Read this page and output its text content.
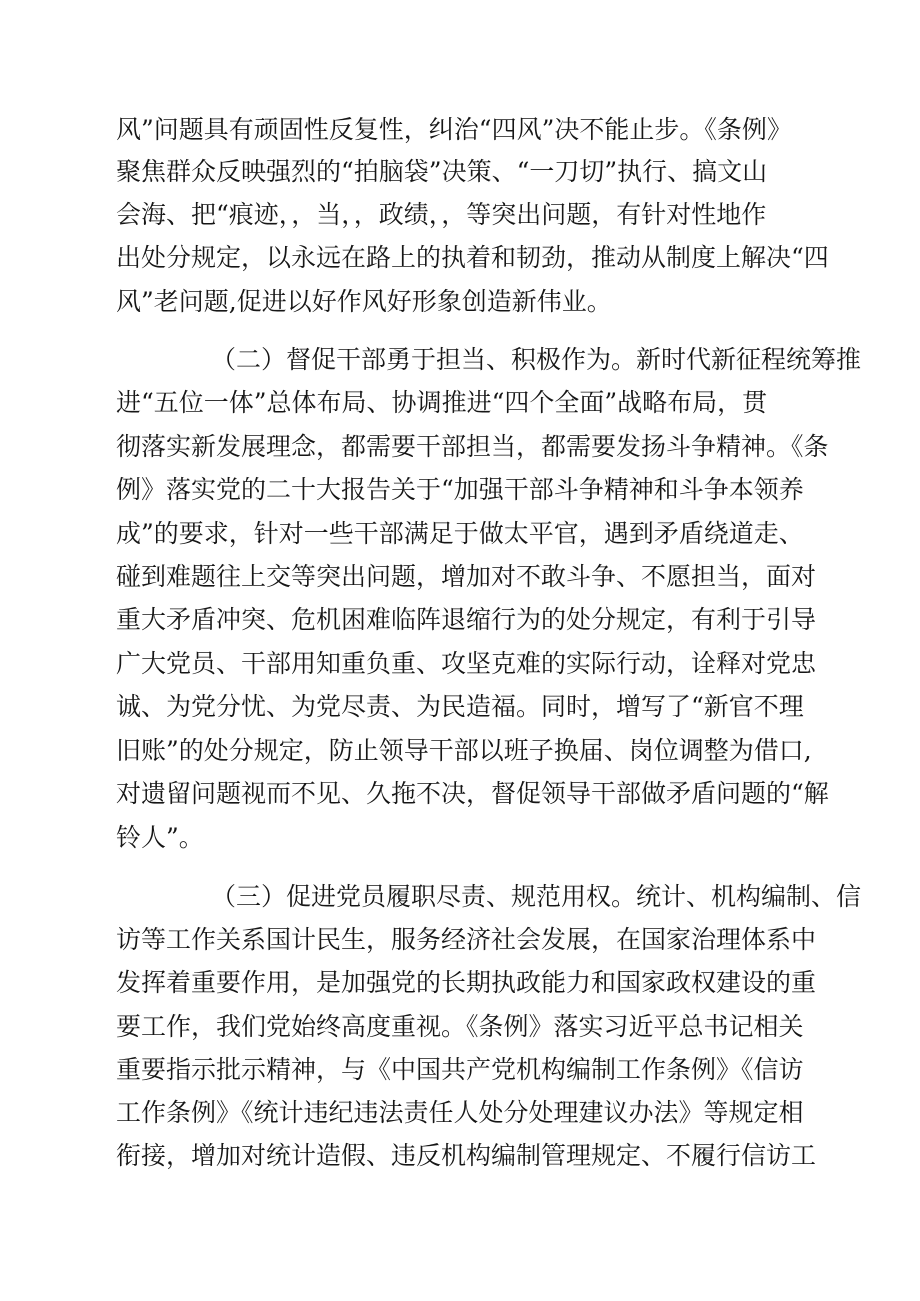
风”问题具有顽固性反复性，纠治“四风”决不能止步。《条例》

聚焦群众反映强烈的“拍脑袋”决策、“一刀切”执行、搞文山

会海、把“痕迹，，当，，政绩，，等突出问题，有针对性地作

出处分规定，以永远在路上的执着和韧劲，推动从制度上解决“四

风”老问题,促进以好作风好形象创造新伟业。

（二）督促干部勇于担当、积极作为。新时代新征程统筹推

进“五位一体”总体布局、协调推进“四个全面”战略布局，贯

彻落实新发展理念，都需要干部担当，都需要发扬斗争精神。《条

例》落实党的二十大报告关于“加强干部斗争精神和斗争本领养

成”的要求，针对一些干部满足于做太平官，遇到矛盾绕道走、

碰到难题往上交等突出问题，增加对不敢斗争、不愿担当，面对

重大矛盾冲突、危机困难临阵退缩行为的处分规定，有利于引导

广大党员、干部用知重负重、攻坚克难的实际行动，诠释对党忠

诚、为党分忧、为党尽责、为民造福。同时，增写了“新官不理

旧账”的处分规定，防止领导干部以班子换届、岗位调整为借口,

对遗留问题视而不见、久拖不决，督促领导干部做矛盾问题的“解

铃人”。

（三）促进党员履职尽责、规范用权。统计、机构编制、信

访等工作关系国计民生，服务经济社会发展，在国家治理体系中

发挥着重要作用，是加强党的长期执政能力和国家政权建设的重

要工作，我们党始终高度重视。《条例》落实习近平总书记相关

重要指示批示精神，与《中国共产党机构编制工作条例》《信访

工作条例》《统计违纪违法责任人处分处理建议办法》等规定相

衔接，增加对统计造假、违反机构编制管理规定、不履行信访工
